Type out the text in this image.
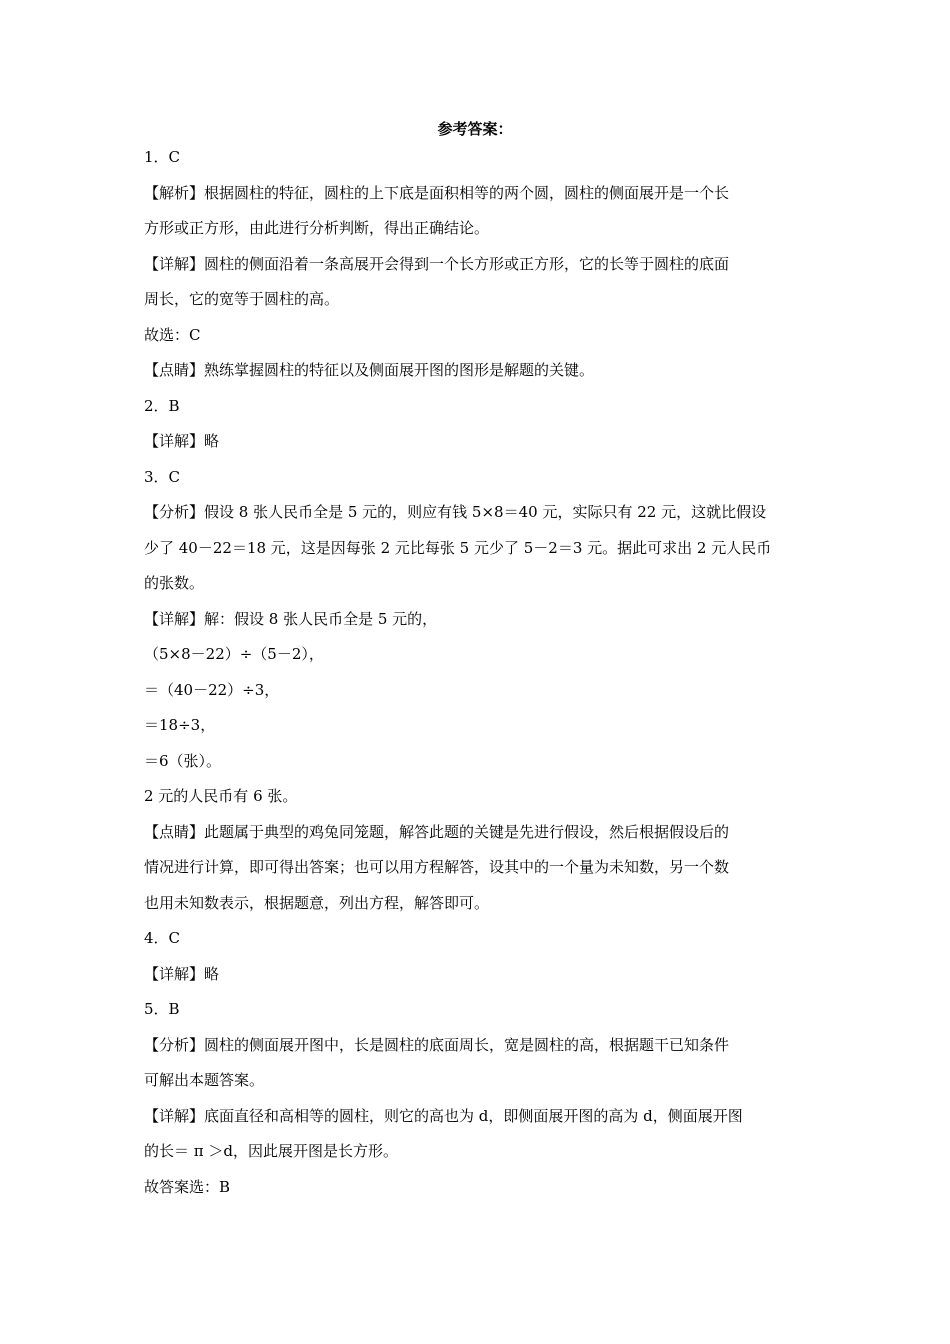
参考答案：
1．C
【解析】根据圆柱的特征，圆柱的上下底是面积相等的两个圆，圆柱的侧面展开是一个长
方形或正方形，由此进行分析判断，得出正确结论。
【详解】圆柱的侧面沿着一条高展开会得到一个长方形或正方形，它的长等于圆柱的底面
周长，它的宽等于圆柱的高。
故选：C
【点睛】熟练掌握圆柱的特征以及侧面展开图的图形是解题的关键。
2．B
【详解】略
3．C
【分析】假设 8 张人民币全是 5 元的，则应有钱 5×8＝40 元，实际只有 22 元，这就比假设
少了 40－22＝18 元，这是因每张 2 元比每张 5 元少了 5－2＝3 元。据此可求出 2 元人民币
的张数。
【详解】解：假设 8 张人民币全是 5 元的，
（5×8－22）÷（5－2），
＝（40－22）÷3，
＝18÷3，
＝6（张）。
2 元的人民币有 6 张。
【点睛】此题属于典型的鸡兔同笼题，解答此题的关键是先进行假设，然后根据假设后的
情况进行计算，即可得出答案；也可以用方程解答，设其中的一个量为未知数，另一个数
也用未知数表示，根据题意，列出方程，解答即可。
4．C
【详解】略
5．B
【分析】圆柱的侧面展开图中，长是圆柱的底面周长，宽是圆柱的高，根据题干已知条件
可解出本题答案。
【详解】底面直径和高相等的圆柱，则它的高也为 d，即侧面展开图的高为 d，侧面展开图
的长＝ π ＞d，因此展开图是长方形。
故答案选：B
